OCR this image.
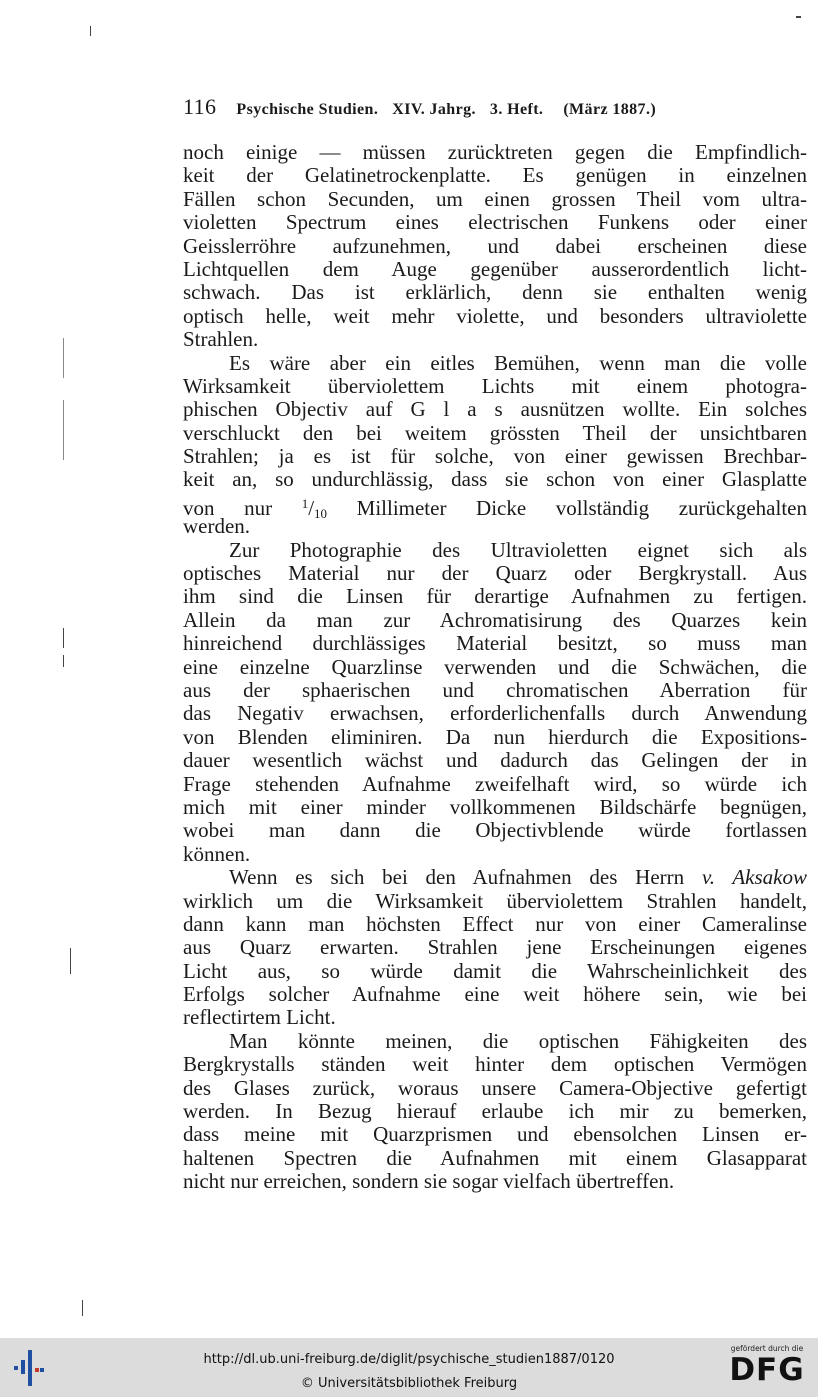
116 Psychische Studien. XIV. Jahrg. 3. Heft. (März 1887.)
noch einige — müssen zurücktreten gegen die Empfindlich-
keit der Gelatinetrockenplatte. Es genügen in einzelnen
Fällen schon Secunden, um einen grossen Theil vom ultra-
violetten Spectrum eines electrischen Funkens oder einer
Geisslerröhre aufzunehmen, und dabei erscheinen diese
Lichtquellen dem Auge gegenüber ausserordentlich licht-
schwach. Das ist erklärlich, denn sie enthalten wenig
optisch helle, weit mehr violette, und besonders ultraviolette
Strahlen.
Es wäre aber ein eitles Bemühen, wenn man die volle
Wirksamkeit überviolettem Lichts mit einem photogra-
phischen Objectiv auf G l a s ausnützen wollte. Ein solches
verschluckt den bei weitem grössten Theil der unsichtbaren
Strahlen; ja es ist für solche, von einer gewissen Brechbar-
keit an, so undurchlässig, dass sie schon von einer Glasplatte
von nur $^1/_{10}$ Millimeter Dicke vollständig zurückgehalten
werden.
Zur Photographie des Ultravioletten eignet sich als
optisches Material nur der Quarz oder Bergkrystall. Aus
ihm sind die Linsen für derartige Aufnahmen zu fertigen.
Allein da man zur Achromatisirung des Quarzes kein
hinreichend durchlässiges Material besitzt, so muss man
eine einzelne Quarzlinse verwenden und die Schwächen, die
aus der sphaerischen und chromatischen Aberration für
das Negativ erwachsen, erforderlichenfalls durch Anwendung
von Blenden eliminiren. Da nun hierdurch die Expositions-
dauer wesentlich wächst und dadurch das Gelingen der in
Frage stehenden Aufnahme zweifelhaft wird, so würde ich
mich mit einer minder vollkommenen Bildschärfe begnügen,
wobei man dann die Objectivblende würde fortlassen
können.
Wenn es sich bei den Aufnahmen des Herrn v. Aksakow
wirklich um die Wirksamkeit überviolettem Strahlen handelt,
dann kann man höchsten Effect nur von einer Cameralinse
aus Quarz erwarten. Strahlen jene Erscheinungen eigenes
Licht aus, so würde damit die Wahrscheinlichkeit des
Erfolgs solcher Aufnahme eine weit höhere sein, wie bei
reflectirtem Licht.
Man könnte meinen, die optischen Fähigkeiten des
Bergkrystalls ständen weit hinter dem optischen Vermögen
des Glases zurück, woraus unsere Camera-Objective gefertigt
werden. In Bezug hierauf erlaube ich mir zu bemerken,
dass meine mit Quarzprismen und ebensolchen Linsen er-
haltenen Spectren die Aufnahmen mit einem Glasapparat
nicht nur erreichen, sondern sie sogar vielfach übertreffen.
http://dl.ub.uni-freiburg.de/diglit/psychische_studien1887/0120
© Universitätsbibliothek Freiburg
gefördert durch die
DFG
